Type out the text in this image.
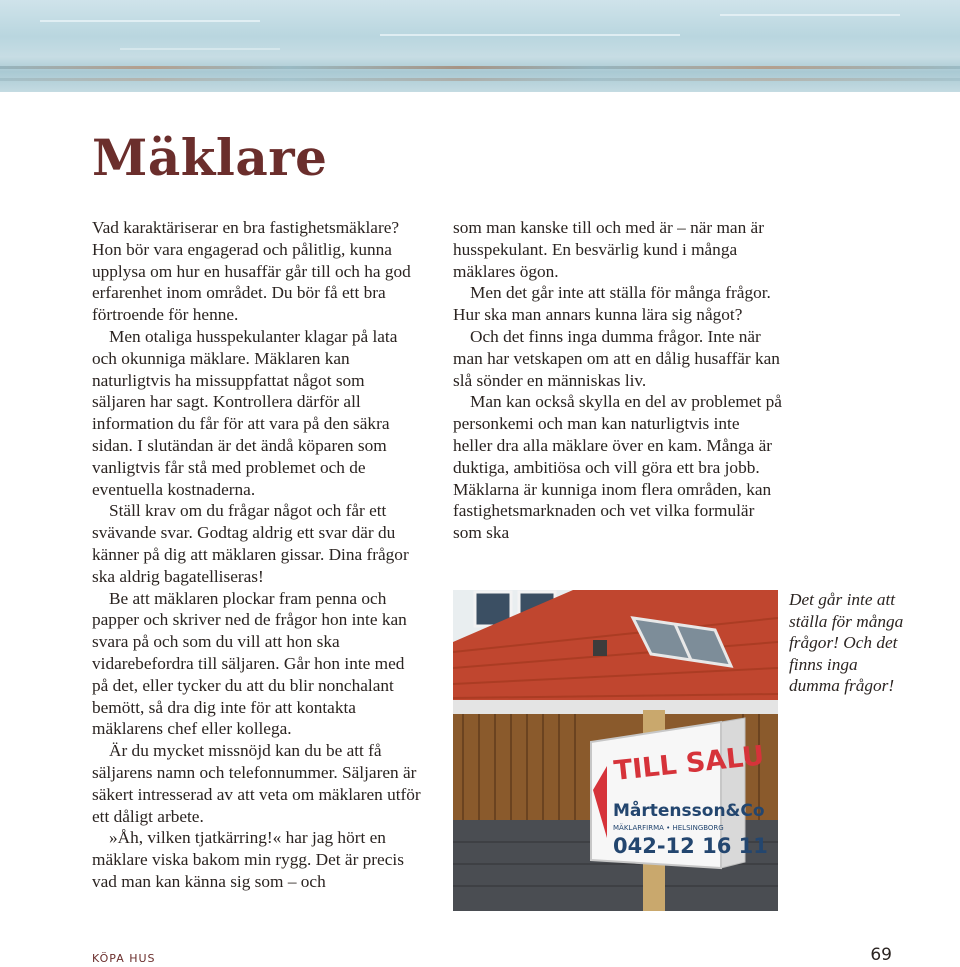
Mäklare

Vad karaktäriserar en bra fastighetsmäklare? Hon bör vara engagerad och pålitlig, kunna upplysa om hur en husaffär går till och ha god erfarenhet inom området. Du bör få ett bra förtroende för henne.

Men otaliga husspekulanter klagar på lata och okunniga mäklare. Mäklaren kan naturligtvis ha missuppfattat något som säljaren har sagt. Kontrollera därför all information du får för att vara på den säkra sidan. I slutändan är det ändå köparen som vanligtvis får stå med problemet och de eventuella kostnaderna.

Ställ krav om du frågar något och får ett svävande svar. Godtag aldrig ett svar där du känner på dig att mäklaren gissar. Dina frågor ska aldrig bagatelliseras!

Be att mäklaren plockar fram penna och papper och skriver ned de frågor hon inte kan svara på och som du vill att hon ska vidarebefordra till säljaren. Går hon inte med på det, eller tycker du att du blir nonchalant bemött, så dra dig inte för att kontakta mäklarens chef eller kollega.

Är du mycket missnöjd kan du be att få säljarens namn och telefonnummer. Säljaren är säkert intresserad av att veta om mäklaren utför ett dåligt arbete.

»Åh, vilken tjatkärring!« har jag hört en mäklare viska bakom min rygg. Det är precis vad man kan känna sig som – och

som man kanske till och med är – när man är husspekulant. En besvärlig kund i många mäklares ögon.

Men det går inte att ställa för många frågor. Hur ska man annars kunna lära sig något?

Och det finns inga dumma frågor. Inte när man har vetskapen om att en dålig husaffär kan slå sönder en människas liv.

Man kan också skylla en del av problemet på personkemi och man kan naturligtvis inte heller dra alla mäklare över en kam. Många är duktiga, ambitiösa och vill göra ett bra jobb. Mäklarna är kunniga inom flera områden, kan fastighetsmarknaden och vet vilka formulär som ska

TILL SALU
Mårtensson&Co
MÄKLARFIRMA • HELSINGBORG
042-12 16 11

Det går inte att ställa för många frågor! Och det finns inga dumma frågor!

KÖPA HUS	69
